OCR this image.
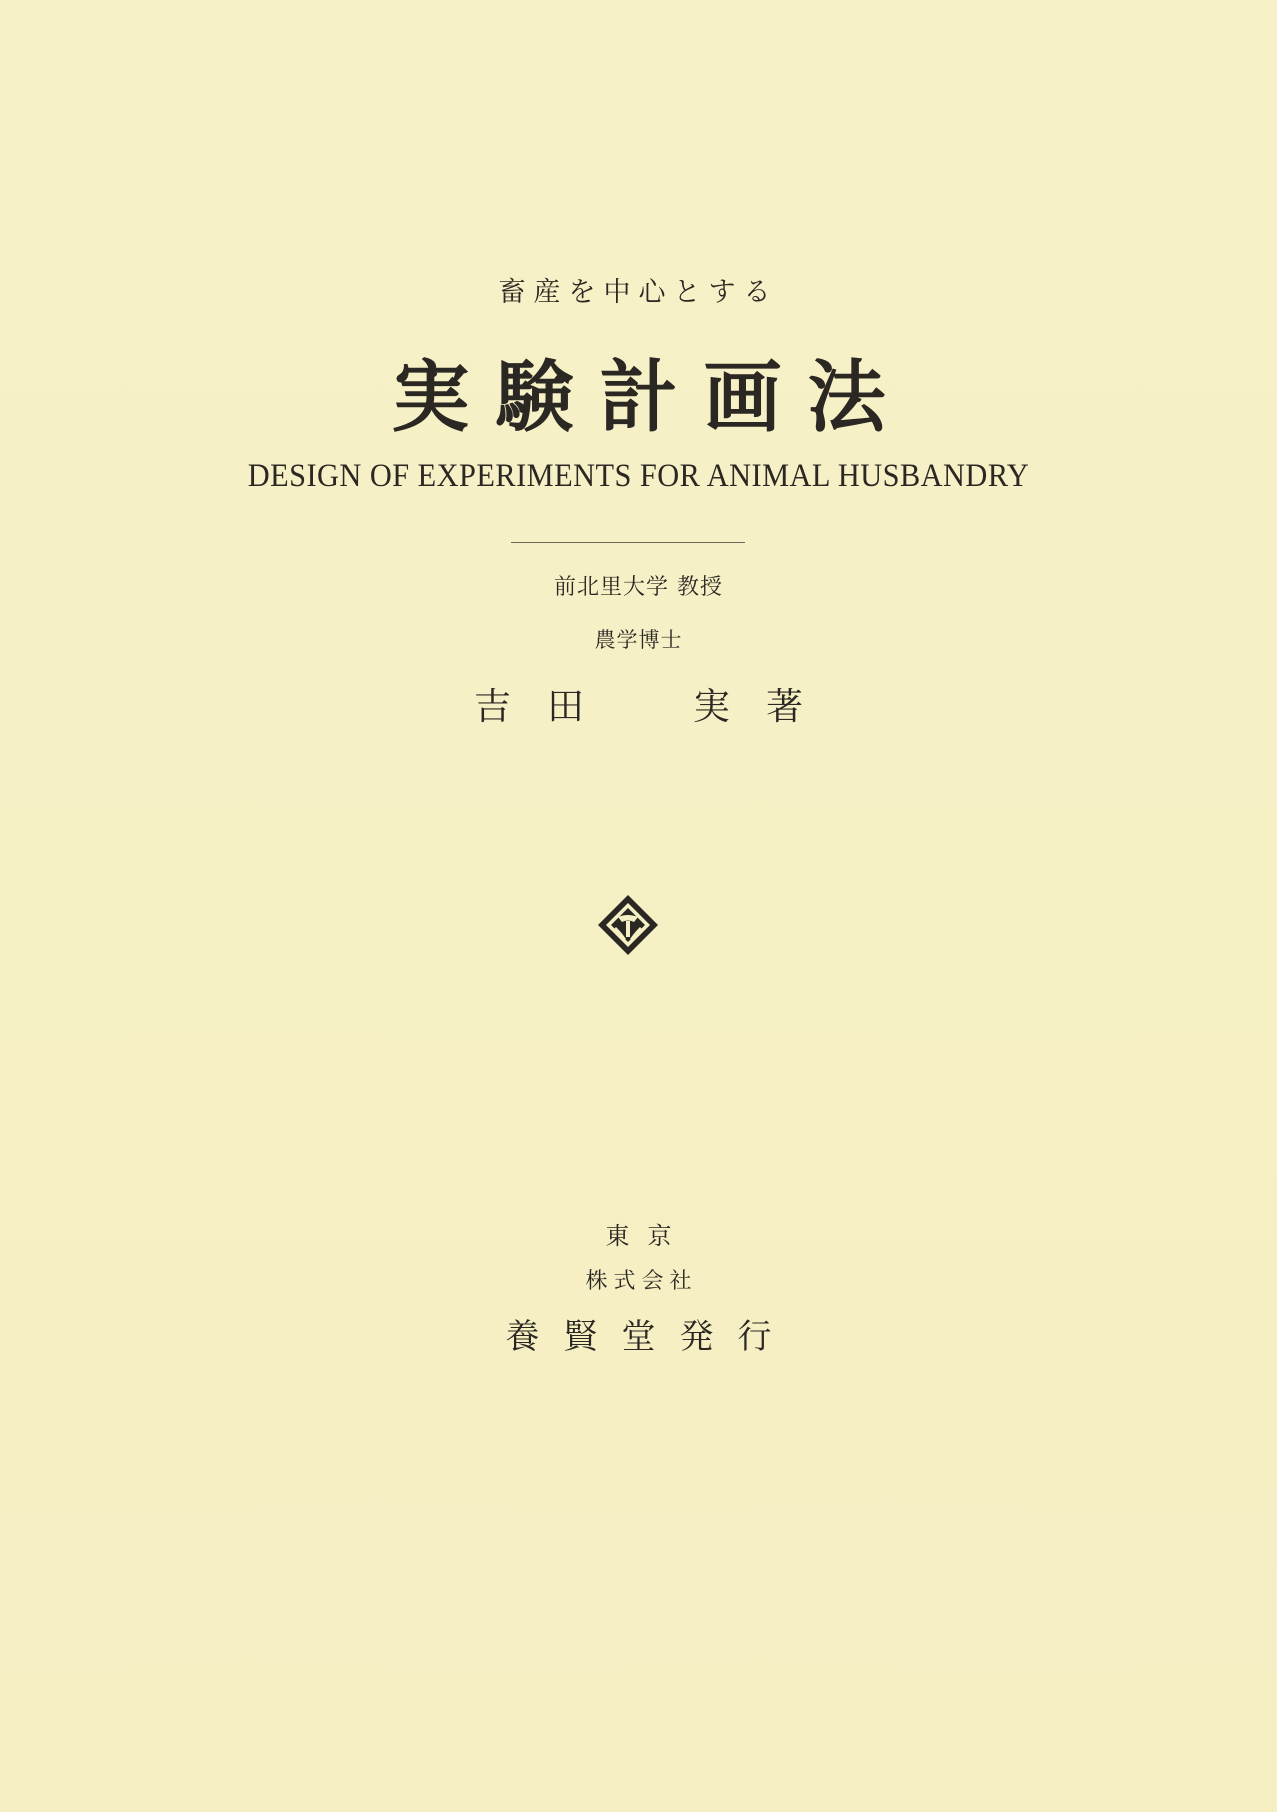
畜産を中心とする
実験計画法
DESIGN OF EXPERIMENTS FOR ANIMAL HUSBANDRY
前北里大学 教授
農学博士
吉田　実著
東京
株式会社
養賢堂発行
